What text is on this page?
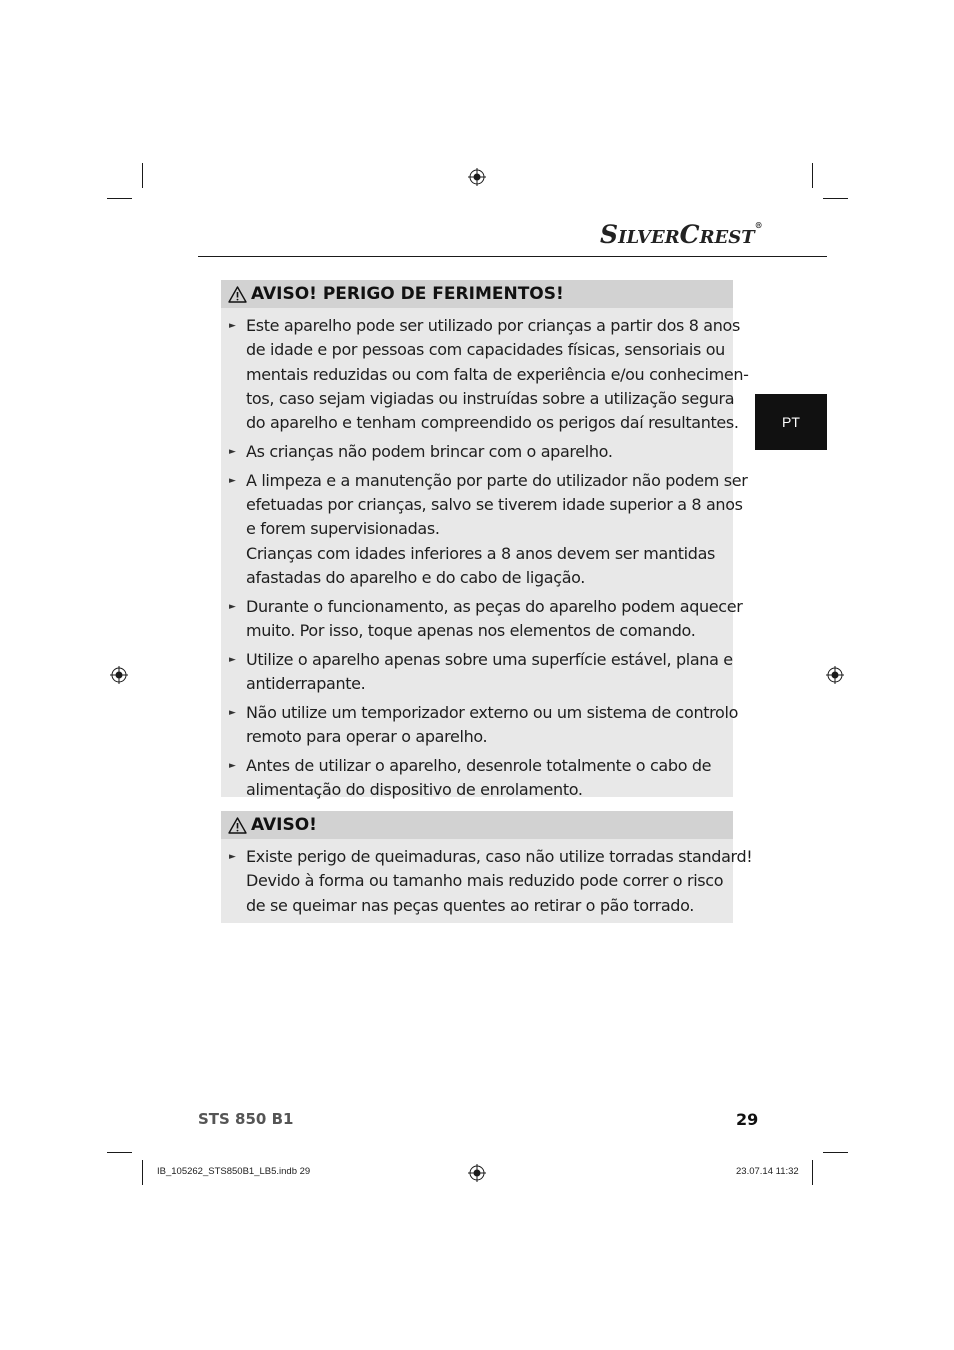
SILVERCREST®
PT
AVISO! PERIGO DE FERIMENTOS!
► Este aparelho pode ser utilizado por crianças a partir dos 8 anos
de idade e por pessoas com capacidades físicas, sensoriais ou
mentais reduzidas ou com falta de experiência e/ou conhecimen-
tos, caso sejam vigiadas ou instruídas sobre a utilização segura
do aparelho e tenham compreendido os perigos daí resultantes.
► As crianças não podem brincar com o aparelho.
► A limpeza e a manutenção por parte do utilizador não podem ser
efetuadas por crianças, salvo se tiverem idade superior a 8 anos
e forem supervisionadas.
Crianças com idades inferiores a 8 anos devem ser mantidas
afastadas do aparelho e do cabo de ligação.
► Durante o funcionamento, as peças do aparelho podem aquecer
muito. Por isso, toque apenas nos elementos de comando.
► Utilize o aparelho apenas sobre uma superfície estável, plana e
antiderrapante.
► Não utilize um temporizador externo ou um sistema de controlo
remoto para operar o aparelho.
► Antes de utilizar o aparelho, desenrole totalmente o cabo de
alimentação do dispositivo de enrolamento.
AVISO!
► Existe perigo de queimaduras, caso não utilize torradas standard!
Devido à forma ou tamanho mais reduzido pode correr o risco
de se queimar nas peças quentes ao retirar o pão torrado.
STS 850 B1	29
IB_105262_STS850B1_LB5.indb 29	23.07.14 11:32
